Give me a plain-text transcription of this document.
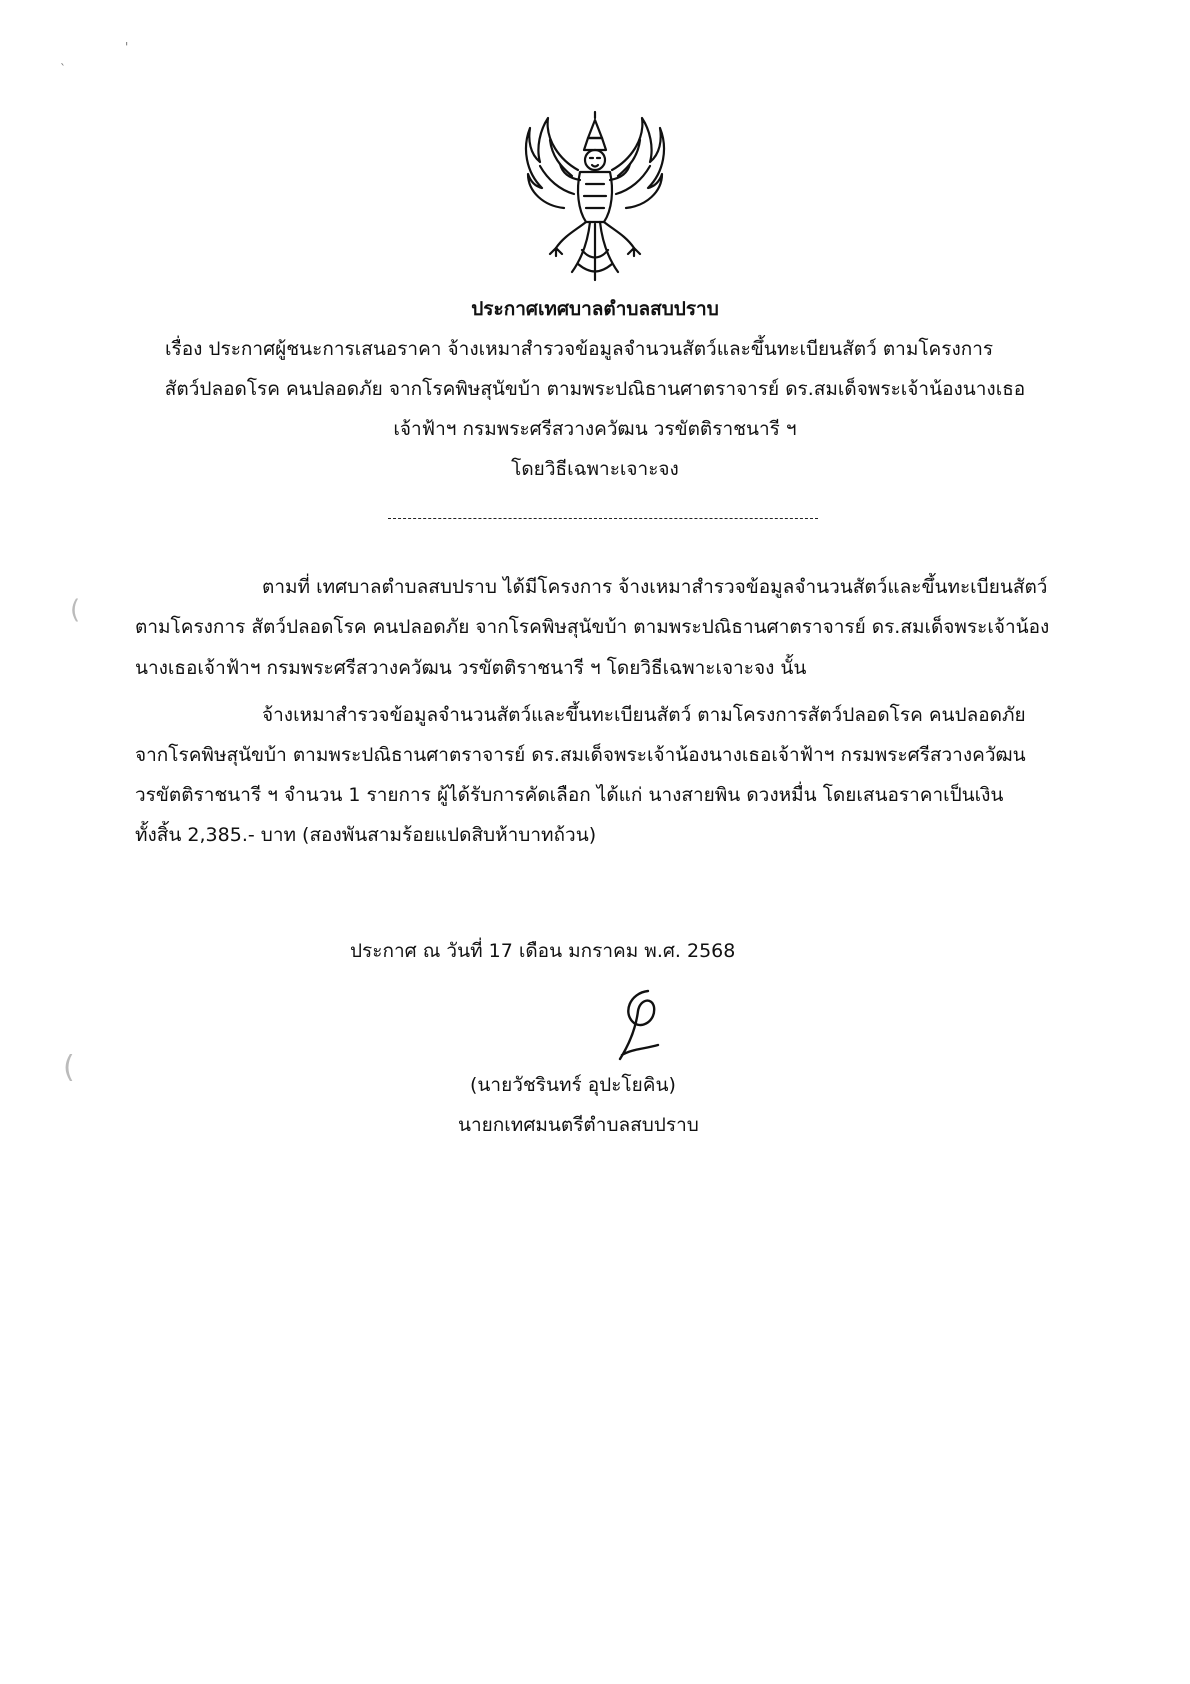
'
`
(
(
ประกาศเทศบาลตำบลสบปราบ
เรื่อง ประกาศผู้ชนะการเสนอราคา จ้างเหมาสำรวจข้อมูลจำนวนสัตว์และขึ้นทะเบียนสัตว์ ตามโครงการ
สัตว์ปลอดโรค คนปลอดภัย จากโรคพิษสุนัขบ้า ตามพระปณิธานศาตราจารย์ ดร.สมเด็จพระเจ้าน้องนางเธอ
เจ้าฟ้าฯ กรมพระศรีสวางควัฒน วรขัตติราชนารี ฯ
โดยวิธีเฉพาะเจาะจง
ตามที่ เทศบาลตำบลสบปราบ ได้มีโครงการ จ้างเหมาสำรวจข้อมูลจำนวนสัตว์และขึ้นทะเบียนสัตว์
ตามโครงการ สัตว์ปลอดโรค คนปลอดภัย จากโรคพิษสุนัขบ้า ตามพระปณิธานศาตราจารย์ ดร.สมเด็จพระเจ้าน้อง
นางเธอเจ้าฟ้าฯ กรมพระศรีสวางควัฒน วรขัตติราชนารี ฯ โดยวิธีเฉพาะเจาะจง นั้น
จ้างเหมาสำรวจข้อมูลจำนวนสัตว์และขึ้นทะเบียนสัตว์ ตามโครงการสัตว์ปลอดโรค คนปลอดภัย
จากโรคพิษสุนัขบ้า ตามพระปณิธานศาตราจารย์ ดร.สมเด็จพระเจ้าน้องนางเธอเจ้าฟ้าฯ กรมพระศรีสวางควัฒน
วรขัตติราชนารี ฯ จำนวน 1 รายการ ผู้ได้รับการคัดเลือก ได้แก่ นางสายพิน ดวงหมื่น โดยเสนอราคาเป็นเงิน
ทั้งสิ้น 2,385.- บาท (สองพันสามร้อยแปดสิบห้าบาทถ้วน)
ประกาศ ณ วันที่ 17 เดือน มกราคม พ.ศ. 2568
(นายวัชรินทร์ อุปะโยคิน)
นายกเทศมนตรีตำบลสบปราบ
